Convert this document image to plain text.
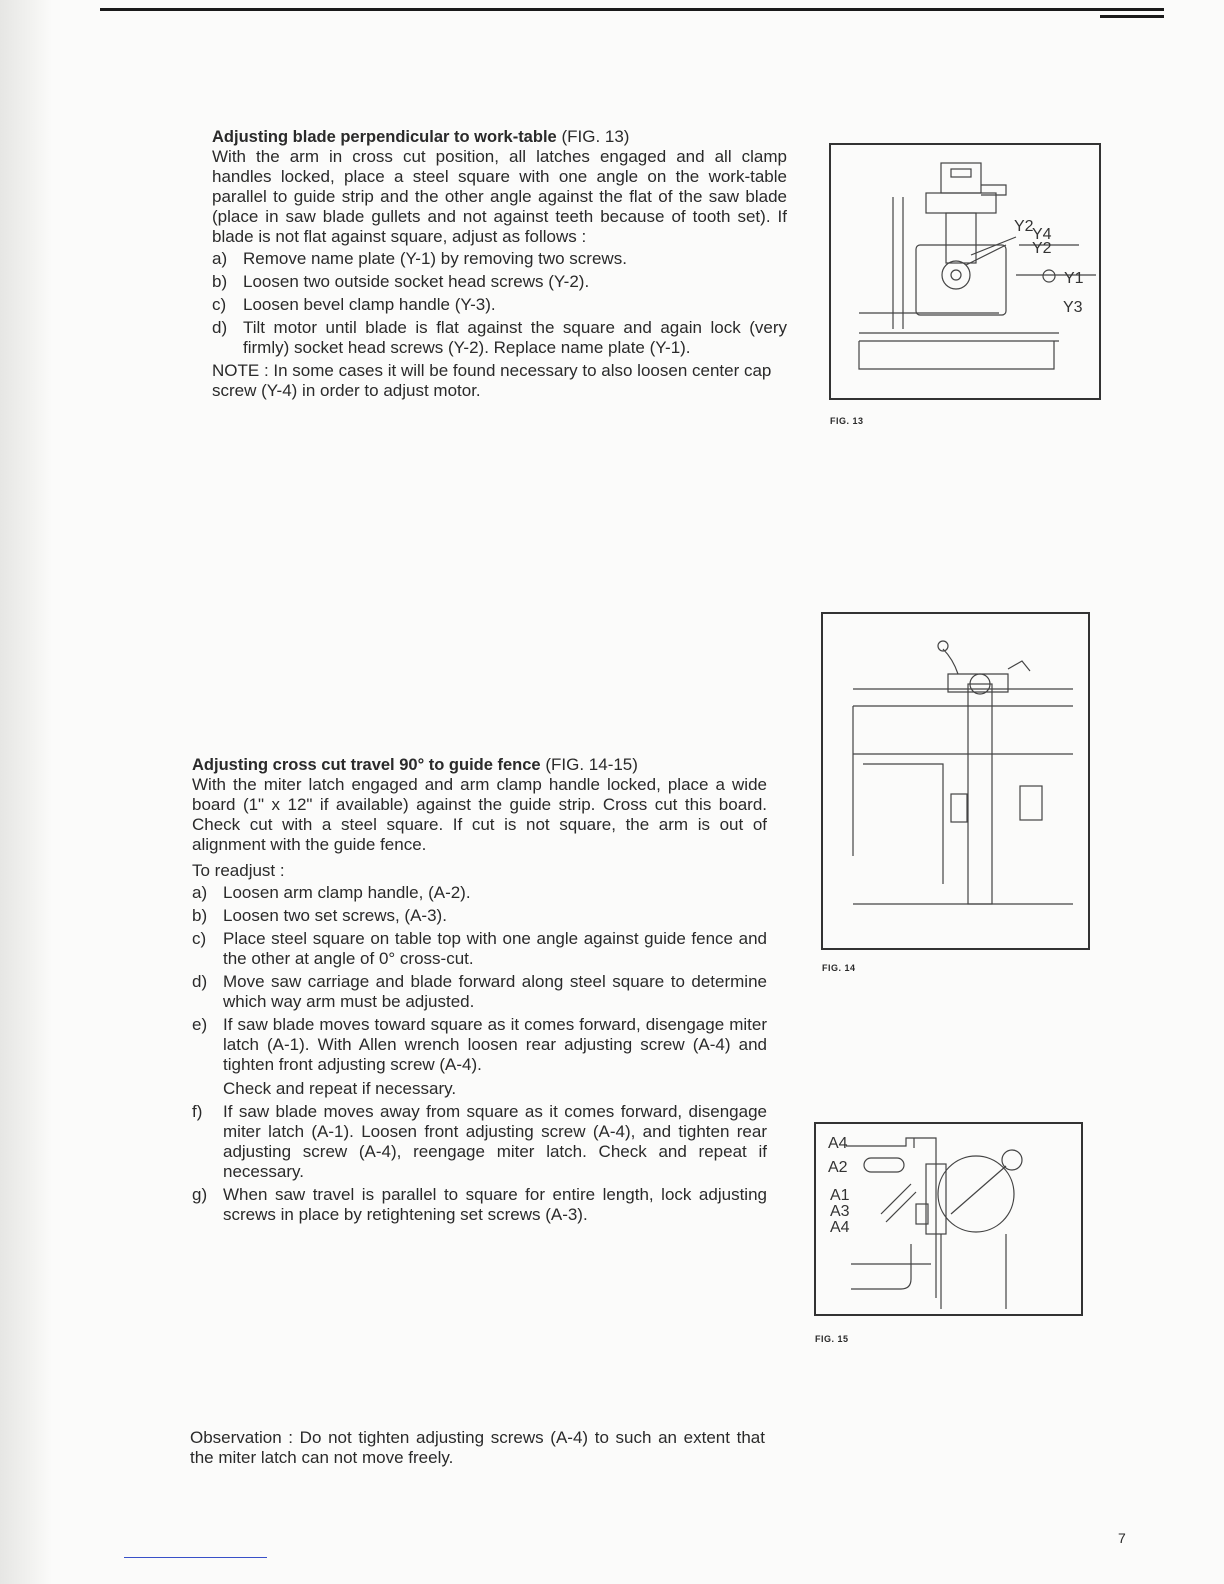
Adjusting blade perpendicular to work-table (FIG. 13)
With the arm in cross cut position, all latches engaged and all clamp handles locked, place a steel square with one angle on the work-table parallel to guide strip and the other angle against the flat of the saw blade (place in saw blade gullets and not against teeth because of tooth set). If blade is not flat against square, adjust as follows :
a) Remove name plate (Y-1) by removing two screws.
b) Loosen two outside socket head screws (Y-2).
c) Loosen bevel clamp handle (Y-3).
d) Tilt motor until blade is flat against the square and again lock (very firmly) socket head screws (Y-2). Replace name plate (Y-1).
NOTE : In some cases it will be found necessary to also loosen center cap screw (Y-4) in order to adjust motor.
Adjusting cross cut travel 90° to guide fence (FIG. 14-15)
With the miter latch engaged and arm clamp handle locked, place a wide board (1" x 12" if available) against the guide strip. Cross cut this board. Check cut with a steel square. If cut is not square, the arm is out of alignment with the guide fence.
To readjust :
a) Loosen arm clamp handle, (A-2).
b) Loosen two set screws, (A-3).
c) Place steel square on table top with one angle against guide fence and the other at angle of 0° cross-cut.
d) Move saw carriage and blade forward along steel square to determine which way arm must be adjusted.
e) If saw blade moves toward square as it comes forward, disengage miter latch (A-1). With Allen wrench loosen rear adjusting screw (A-4) and tighten front adjusting screw (A-4).
Check and repeat if necessary.
f) If saw blade moves away from square as it comes forward, disengage miter latch (A-1). Loosen front adjusting screw (A-4), and tighten rear adjusting screw (A-4), reengage miter latch. Check and repeat if necessary.
g) When saw travel is parallel to square for entire length, lock adjusting screws in place by retightening set screws (A-3).
Observation : Do not tighten adjusting screws (A-4) to such an extent that the miter latch can not move freely.
Y2
Y4
Y2
Y1
Y3
FIG. 13
FIG. 14
A4
A2
A1
A3
A4
FIG. 15
7
